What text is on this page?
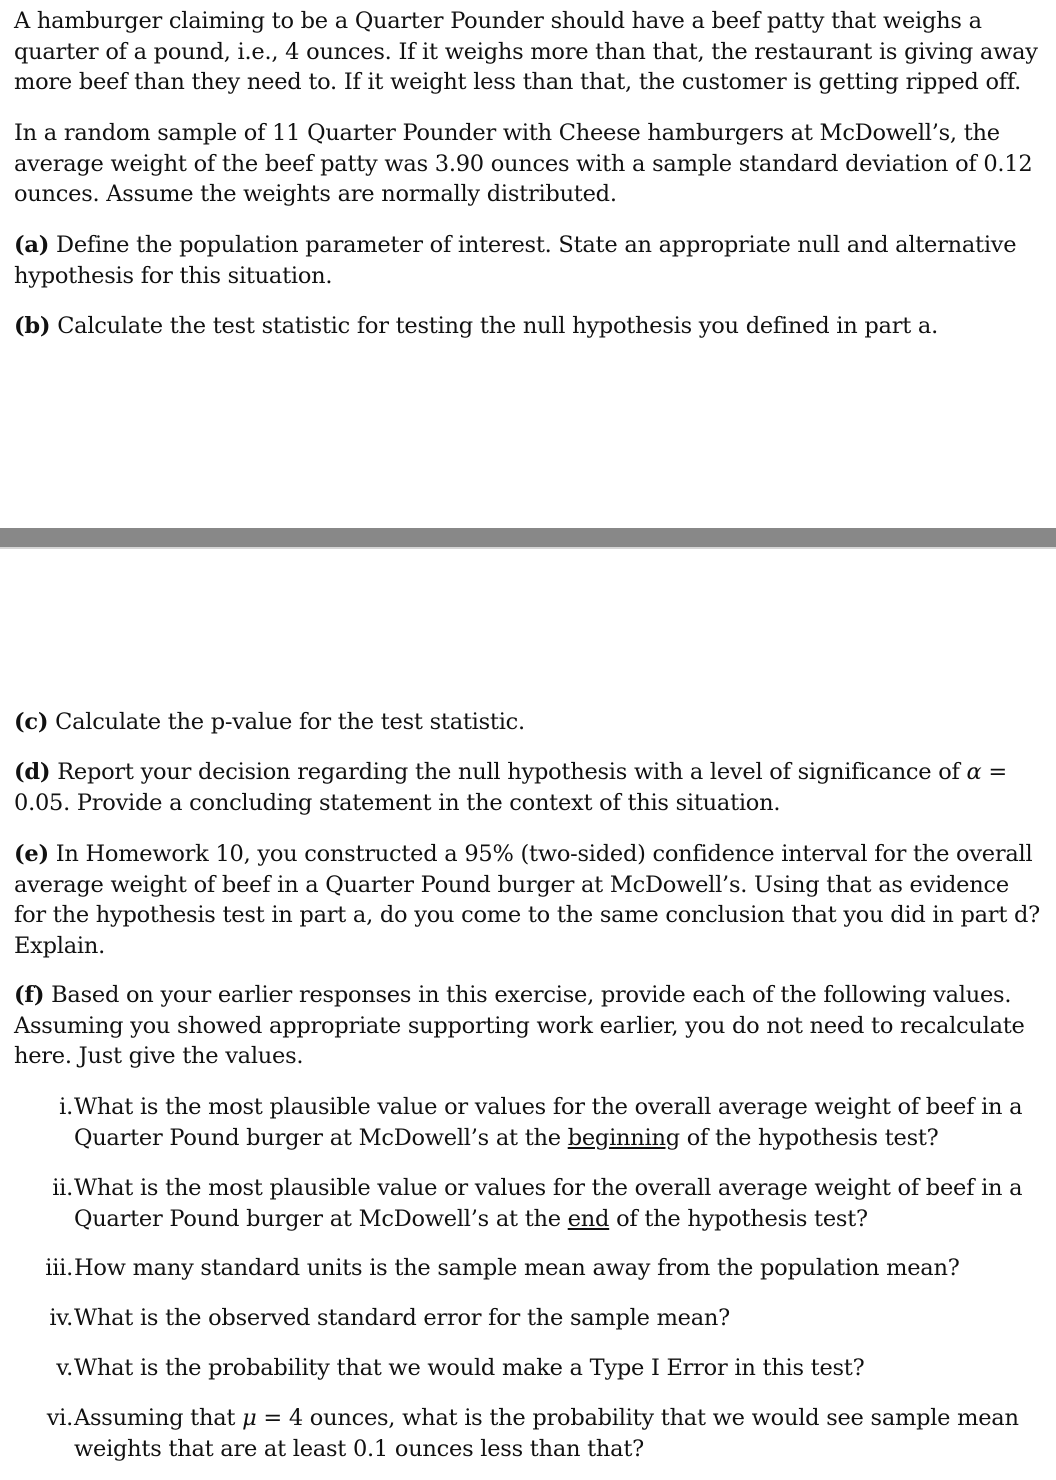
A hamburger claiming to be a Quarter Pounder should have a beef patty that weighs a quarter of a pound, i.e., 4 ounces. If it weighs more than that, the restaurant is giving away more beef than they need to. If it weight less than that, the customer is getting ripped off.

In a random sample of 11 Quarter Pounder with Cheese hamburgers at McDowell’s, the average weight of the beef patty was 3.90 ounces with a sample standard deviation of 0.12 ounces. Assume the weights are normally distributed.

(a) Define the population parameter of interest. State an appropriate null and alternative hypothesis for this situation.

(b) Calculate the test statistic for testing the null hypothesis you defined in part a.

(c) Calculate the p-value for the test statistic.

(d) Report your decision regarding the null hypothesis with a level of significance of α = 0.05. Provide a concluding statement in the context of this situation.

(e) In Homework 10, you constructed a 95% (two-sided) confidence interval for the overall average weight of beef in a Quarter Pound burger at McDowell’s. Using that as evidence for the hypothesis test in part a, do you come to the same conclusion that you did in part d? Explain.

(f) Based on your earlier responses in this exercise, provide each of the following values. Assuming you showed appropriate supporting work earlier, you do not need to recalculate here. Just give the values.

i. What is the most plausible value or values for the overall average weight of beef in a Quarter Pound burger at McDowell’s at the beginning of the hypothesis test?
ii. What is the most plausible value or values for the overall average weight of beef in a Quarter Pound burger at McDowell’s at the end of the hypothesis test?
iii. How many standard units is the sample mean away from the population mean?
iv. What is the observed standard error for the sample mean?
v. What is the probability that we would make a Type I Error in this test?
vi. Assuming that μ = 4 ounces, what is the probability that we would see sample mean weights that are at least 0.1 ounces less than that?
